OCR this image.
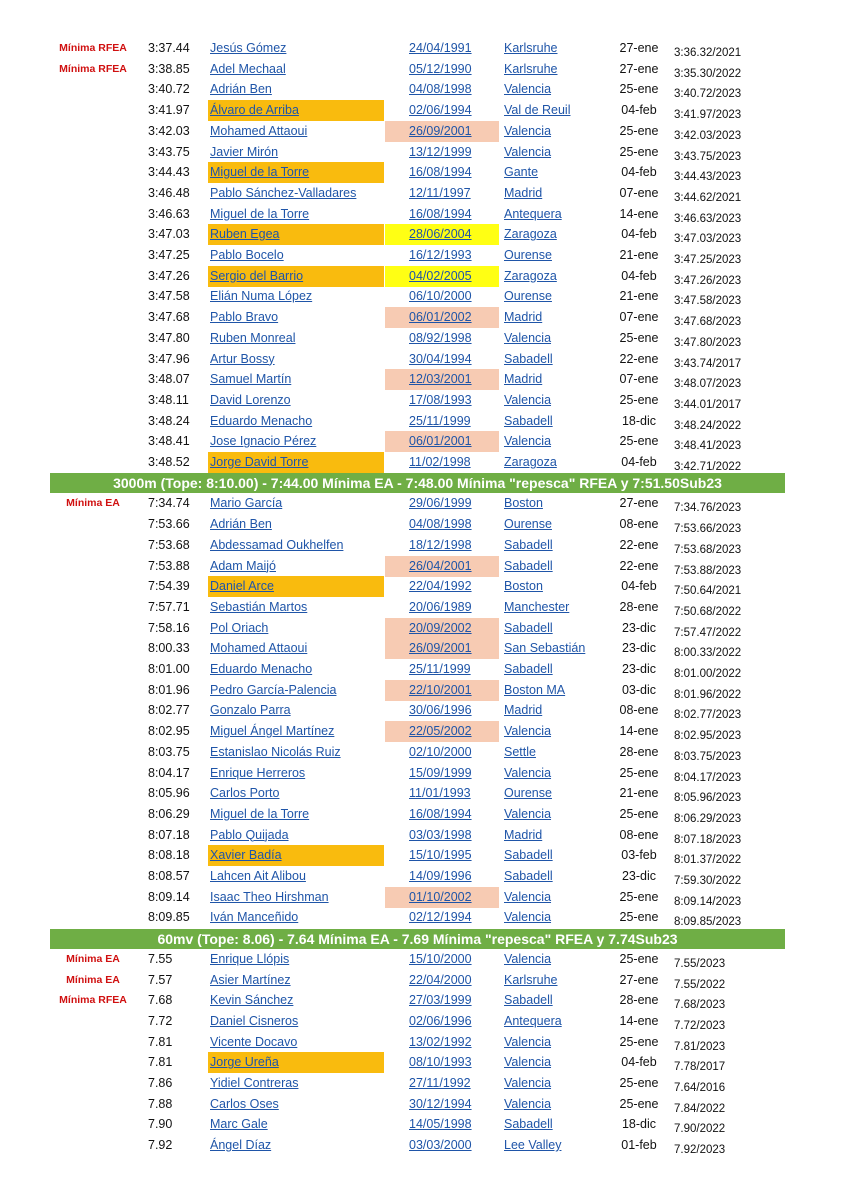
Mínima RFEA	3:37.44	Jesús Gómez	24/04/1991	Karlsruhe	27-ene	3:36.32/2021
Mínima RFEA	3:38.85	Adel Mechaal	05/12/1990	Karlsruhe	27-ene	3:35.30/2022
3:40.72	Adrián Ben	04/08/1998	Valencia	25-ene	3:40.72/2023
3:41.97	Álvaro de Arriba	02/06/1994	Val de Reuil	04-feb	3:41.97/2023
3:42.03	Mohamed Attaoui	26/09/2001	Valencia	25-ene	3:42.03/2023
3:43.75	Javier Mirón	13/12/1999	Valencia	25-ene	3:43.75/2023
3:44.43	Miguel de la Torre	16/08/1994	Gante	04-feb	3:44.43/2023
3:46.48	Pablo Sánchez-Valladares	12/11/1997	Madrid	07-ene	3:44.62/2021
3:46.63	Miguel de la Torre	16/08/1994	Antequera	14-ene	3:46.63/2023
3:47.03	Ruben Egea	28/06/2004	Zaragoza	04-feb	3:47.03/2023
3:47.25	Pablo Bocelo	16/12/1993	Ourense	21-ene	3:47.25/2023
3:47.26	Sergio del Barrio	04/02/2005	Zaragoza	04-feb	3:47.26/2023
3:47.58	Elián Numa López	06/10/2000	Ourense	21-ene	3:47.58/2023
3:47.68	Pablo Bravo	06/01/2002	Madrid	07-ene	3:47.68/2023
3:47.80	Ruben Monreal	08/92/1998	Valencia	25-ene	3:47.80/2023
3:47.96	Artur Bossy	30/04/1994	Sabadell	22-ene	3:43.74/2017
3:48.07	Samuel Martín	12/03/2001	Madrid	07-ene	3:48.07/2023
3:48.11	David Lorenzo	17/08/1993	Valencia	25-ene	3:44.01/2017
3:48.24	Eduardo Menacho	25/11/1999	Sabadell	18-dic	3:48.24/2022
3:48.41	Jose Ignacio Pérez	06/01/2001	Valencia	25-ene	3:48.41/2023
3:48.52	Jorge David Torre	11/02/1998	Zaragoza	04-feb	3:42.71/2022
3000m (Tope: 8:10.00) - 7:44.00 Mínima EA - 7:48.00 Mínima "repesca" RFEA y 7:51.50Sub23
Mínima EA	7:34.74	Mario García	29/06/1999	Boston	27-ene	7:34.76/2023
7:53.66	Adrián Ben	04/08/1998	Ourense	08-ene	7:53.66/2023
7:53.68	Abdessamad Oukhelfen	18/12/1998	Sabadell	22-ene	7:53.68/2023
7:53.88	Adam Maijó	26/04/2001	Sabadell	22-ene	7:53.88/2023
7:54.39	Daniel Arce	22/04/1992	Boston	04-feb	7:50.64/2021
7:57.71	Sebastián Martos	20/06/1989	Manchester	28-ene	7:50.68/2022
7:58.16	Pol Oriach	20/09/2002	Sabadell	23-dic	7:57.47/2022
8:00.33	Mohamed Attaoui	26/09/2001	San Sebastián	23-dic	8:00.33/2022
8:01.00	Eduardo Menacho	25/11/1999	Sabadell	23-dic	8:01.00/2022
8:01.96	Pedro García-Palencia	22/10/2001	Boston MA	03-dic	8:01.96/2022
8:02.77	Gonzalo Parra	30/06/1996	Madrid	08-ene	8:02.77/2023
8:02.95	Miguel Ángel Martínez	22/05/2002	Valencia	14-ene	8:02.95/2023
8:03.75	Estanislao Nicolás Ruiz	02/10/2000	Settle	28-ene	8:03.75/2023
8:04.17	Enrique Herreros	15/09/1999	Valencia	25-ene	8:04.17/2023
8:05.96	Carlos Porto	11/01/1993	Ourense	21-ene	8:05.96/2023
8:06.29	Miguel de la Torre	16/08/1994	Valencia	25-ene	8:06.29/2023
8:07.18	Pablo Quijada	03/03/1998	Madrid	08-ene	8:07.18/2023
8:08.18	Xavier Badía	15/10/1995	Sabadell	03-feb	8:01.37/2022
8:08.57	Lahcen Ait Alibou	14/09/1996	Sabadell	23-dic	7:59.30/2022
8:09.14	Isaac Theo Hirshman	01/10/2002	Valencia	25-ene	8:09.14/2023
8:09.85	Iván Manceñido	02/12/1994	Valencia	25-ene	8:09.85/2023
60mv (Tope: 8.06) - 7.64 Mínima EA - 7.69 Mínima "repesca" RFEA y 7.74Sub23
Mínima EA	7.55	Enrique Llópis	15/10/2000	Valencia	25-ene	7.55/2023
Mínima EA	7.57	Asier Martínez	22/04/2000	Karlsruhe	27-ene	7.55/2022
Mínima RFEA	7.68	Kevin Sánchez	27/03/1999	Sabadell	28-ene	7.68/2023
7.72	Daniel Cisneros	02/06/1996	Antequera	14-ene	7.72/2023
7.81	Vicente Docavo	13/02/1992	Valencia	25-ene	7.81/2023
7.81	Jorge Ureña	08/10/1993	Valencia	04-feb	7.78/2017
7.86	Yidiel Contreras	27/11/1992	Valencia	25-ene	7.64/2016
7.88	Carlos Oses	30/12/1994	Valencia	25-ene	7.84/2022
7.90	Marc Gale	14/05/1998	Sabadell	18-dic	7.90/2022
7.92	Ángel Díaz	03/03/2000	Lee Valley	01-feb	7.92/2023
